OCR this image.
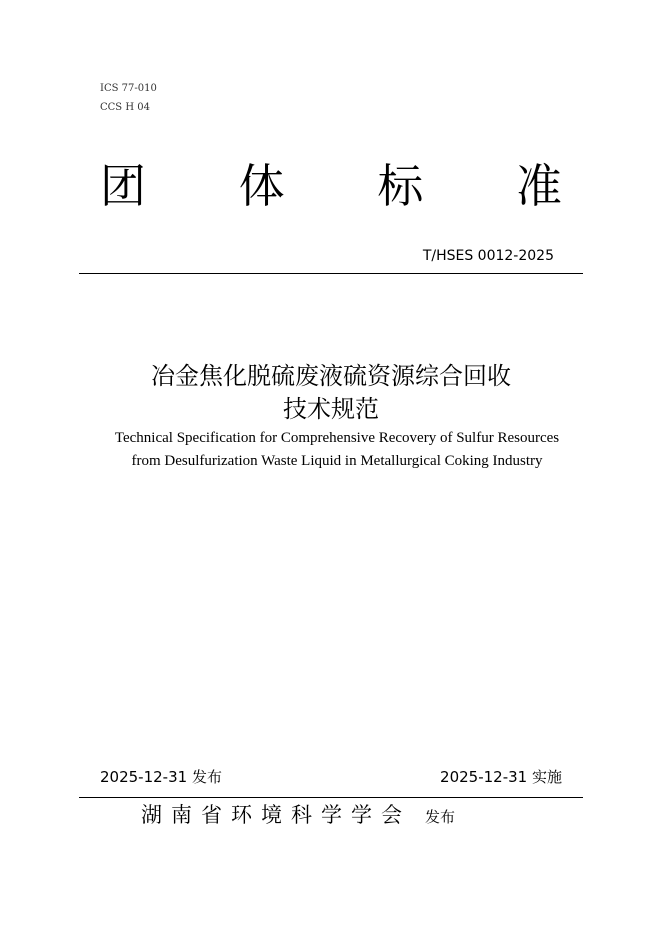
ICS 77-010
CCS H 04
团 体 标 准
T/HSES 0012-2025
冶金焦化脱硫废液硫资源综合回收
技术规范
Technical Specification for Comprehensive Recovery of Sulfur Resources from Desulfurization Waste Liquid in Metallurgical Coking Industry
2025-12-31 发布	2025-12-31 实施
湖南省环境科学学会 发布
